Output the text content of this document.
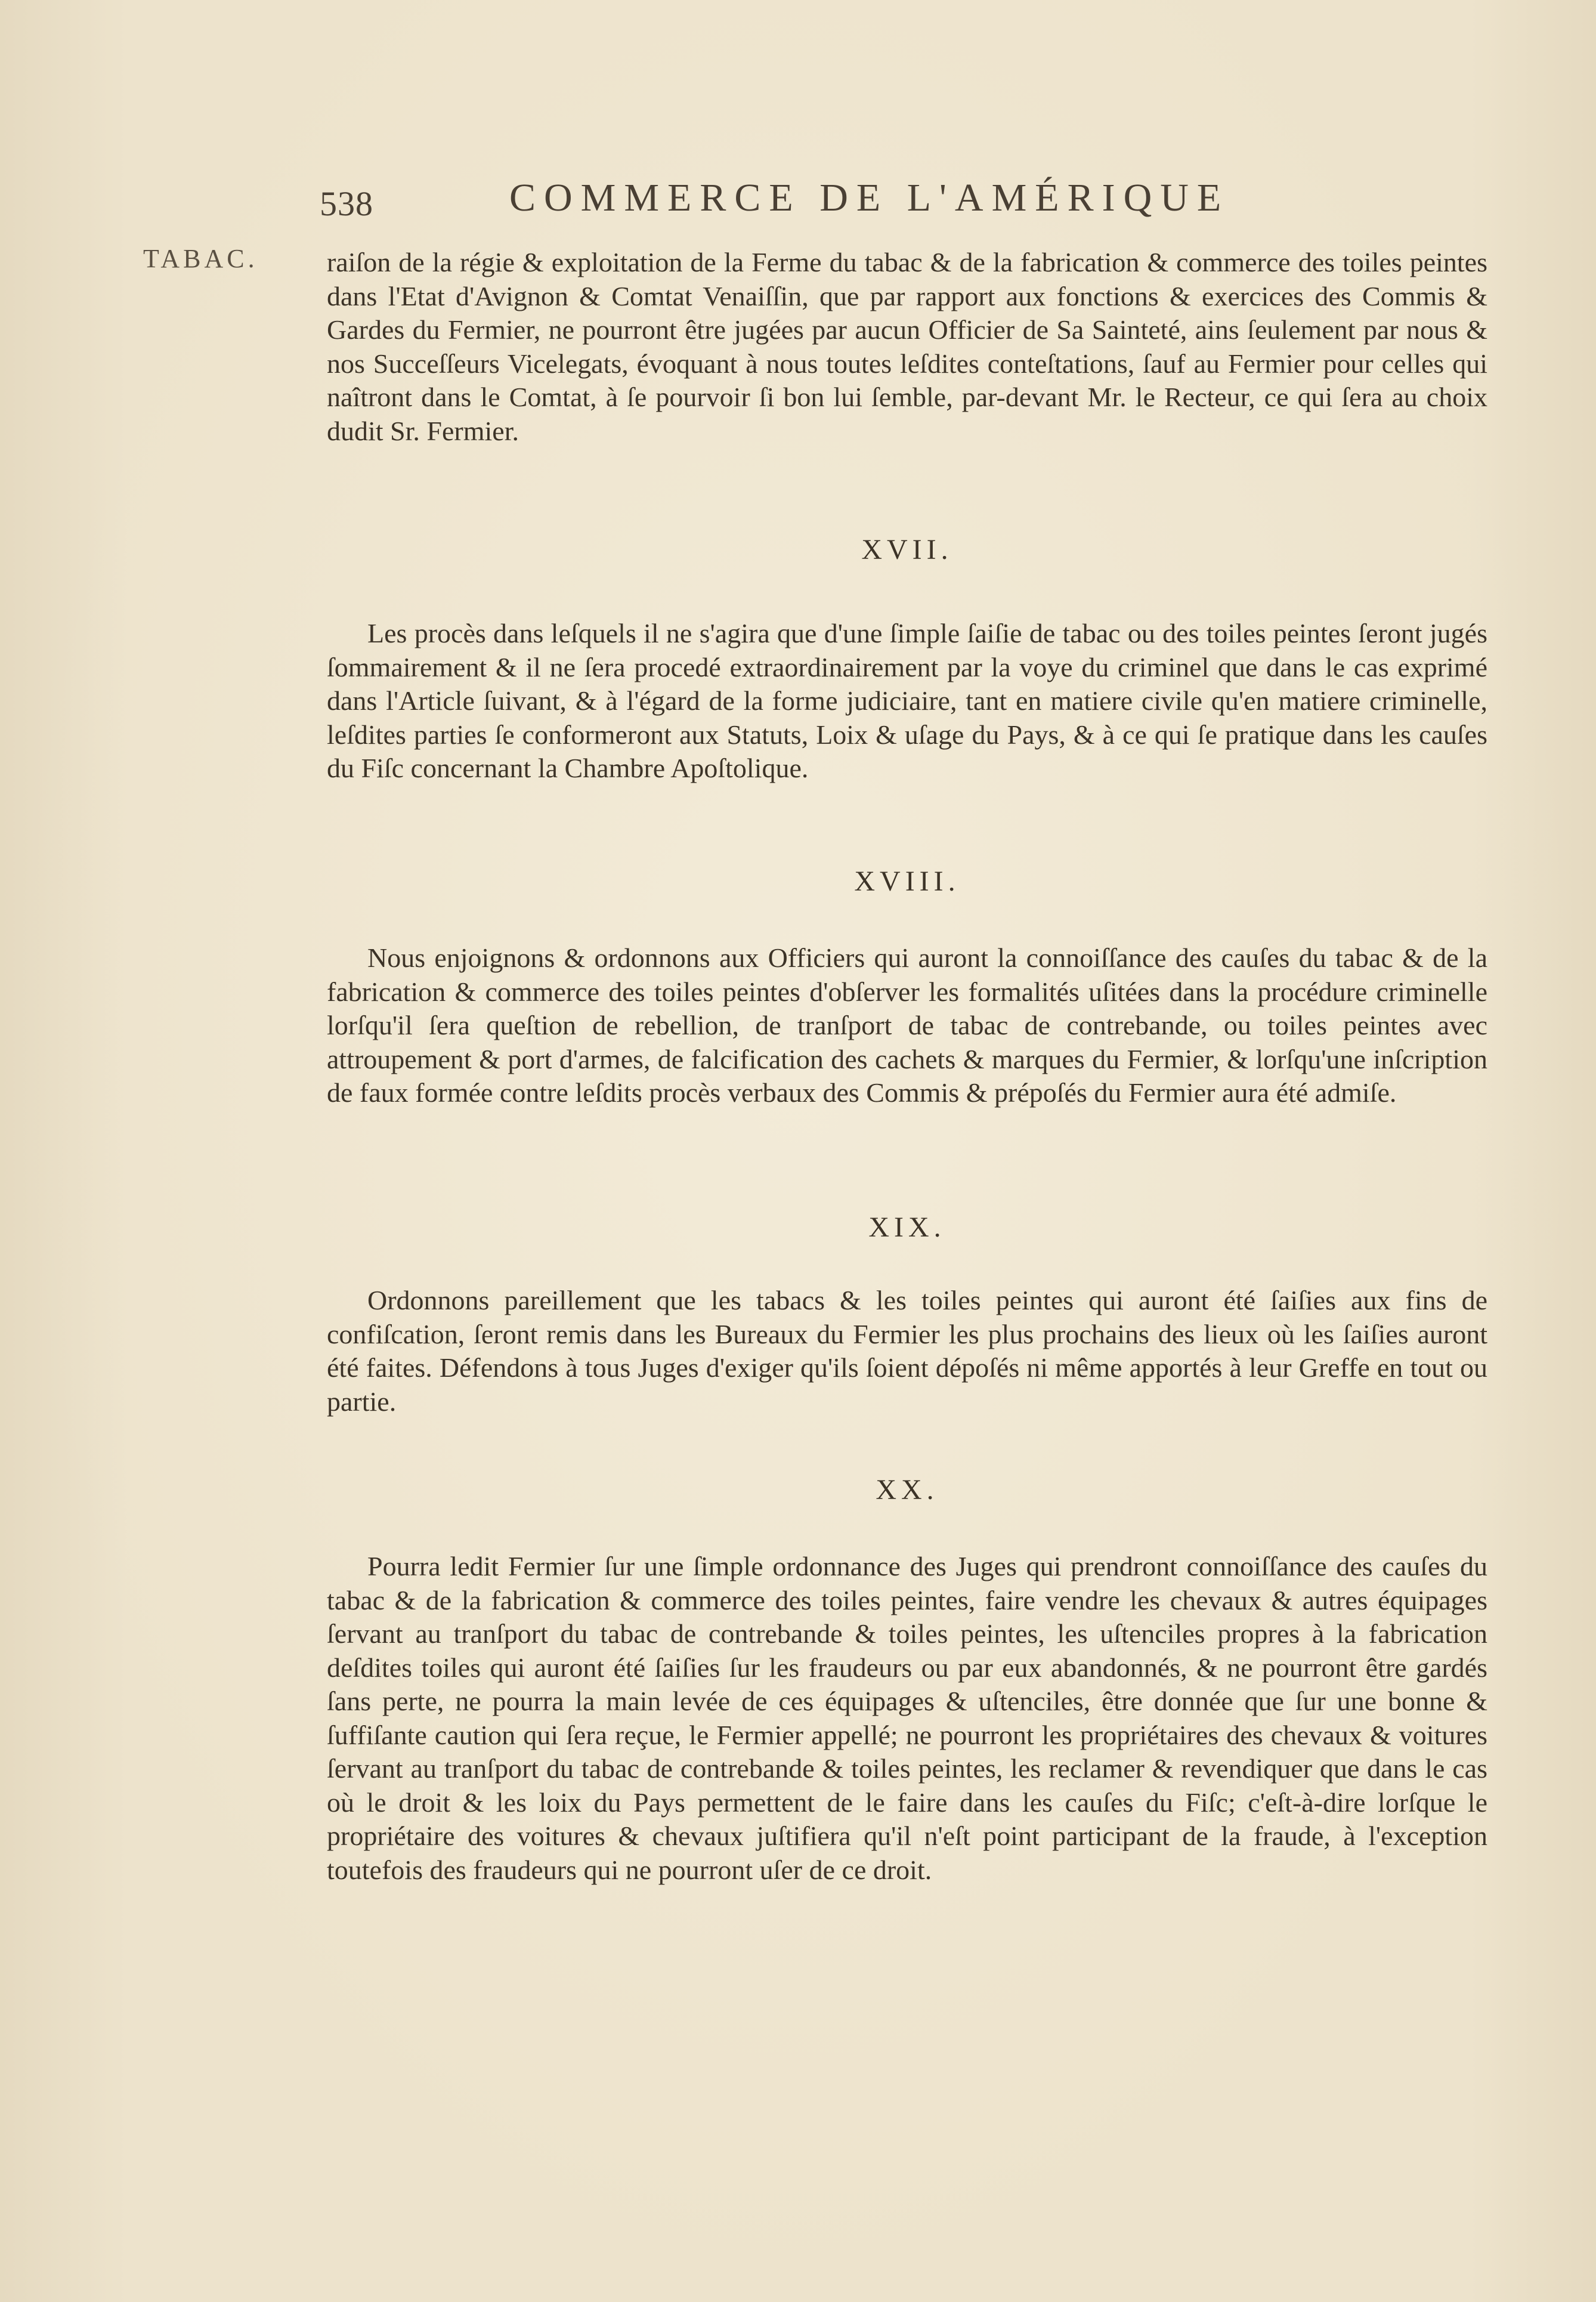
538	COMMERCE DE L'AMÉRIQUE
TABAC.	raiſon de la régie & exploitation de la Ferme du tabac & de la fabrication & commerce des toiles peintes dans l'Etat d'Avignon & Comtat Venaiſſin, que par rapport aux fonctions & exercices des Commis & Gardes du Fermier, ne pourront être jugées par aucun Officier de Sa Sainteté, ains ſeulement par nous & nos Succeſſeurs Vicelegats, évoquant à nous toutes leſdites conteſtations, ſauf au Fermier pour celles qui naîtront dans le Comtat, à ſe pourvoir ſi bon lui ſemble, par-devant Mr. le Recteur, ce qui ſera au choix dudit Sr. Fermier.

XVII.

Les procès dans leſquels il ne s'agira que d'une ſimple ſaiſie de tabac ou des toiles peintes ſeront jugés ſommairement & il ne ſera procedé extraordinairement par la voye du criminel que dans le cas exprimé dans l'Article ſuivant, & à l'égard de la forme judiciaire, tant en matiere civile qu'en matiere criminelle, leſdites parties ſe conformeront aux Statuts, Loix & uſage du Pays, & à ce qui ſe pratique dans les cauſes du Fiſc concernant la Chambre Apoſtolique.

XVIII.

Nous enjoignons & ordonnons aux Officiers qui auront la connoiſſance des cauſes du tabac & de la fabrication & commerce des toiles peintes d'obſerver les formalités uſitées dans la procédure criminelle lorſqu'il ſera queſtion de rebellion, de tranſport de tabac de contrebande, ou toiles peintes avec attroupement & port d'armes, de falcification des cachets & marques du Fermier, & lorſqu'une inſcription de faux formée contre leſdits procès verbaux des Commis & prépoſés du Fermier aura été admiſe.

XIX.

Ordonnons pareillement que les tabacs & les toiles peintes qui auront été ſaiſies aux fins de confiſcation, ſeront remis dans les Bureaux du Fermier les plus prochains des lieux où les ſaiſies auront été faites. Défendons à tous Juges d'exiger qu'ils ſoient dépoſés ni même apportés à leur Greffe en tout ou partie.

XX.

Pourra ledit Fermier ſur une ſimple ordonnance des Juges qui prendront connoiſſance des cauſes du tabac & de la fabrication & commerce des toiles peintes, faire vendre les chevaux & autres équipages ſervant au tranſport du tabac de contrebande & toiles peintes, les uſtenciles propres à la fabrication deſdites toiles qui auront été ſaiſies ſur les fraudeurs ou par eux abandonnés, & ne pourront être gardés ſans perte, ne pourra la main levée de ces équipages & uſtenciles, être donnée que ſur une bonne & ſuffiſante caution qui ſera reçue, le Fermier appellé; ne pourront les propriétaires des chevaux & voitures ſervant au tranſport du tabac de contrebande & toiles peintes, les reclamer & revendiquer que dans le cas où le droit & les loix du Pays permettent de le faire dans les cauſes du Fiſc; c'eſt-à-dire lorſque le propriétaire des voitures & chevaux juſtifiera qu'il n'eſt point participant de la fraude, à l'exception toutefois des fraudeurs qui ne pourront uſer de ce droit.
